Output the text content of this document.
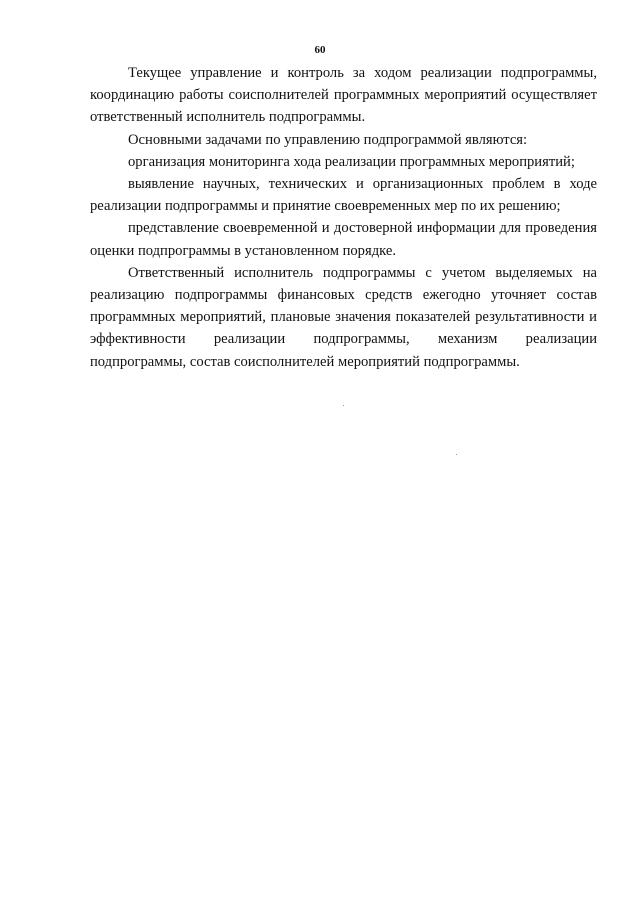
60

Текущее управление и контроль за ходом реализации подпрограммы, координацию работы соисполнителей программных мероприятий осуществляет ответственный исполнитель подпрограммы.

Основными задачами по управлению подпрограммой являются:

организация мониторинга хода реализации программных мероприятий;

выявление научных, технических и организационных проблем в ходе реализации подпрограммы и принятие своевременных мер по их решению;

представление своевременной и достоверной информации для проведения оценки подпрограммы в установленном порядке.

Ответственный исполнитель подпрограммы с учетом выделяемых на реализацию подпрограммы финансовых средств ежегодно уточняет состав программных мероприятий, плановые значения показателей результативности и эффективности реализации подпрограммы, механизм реализации подпрограммы, состав соисполнителей мероприятий подпрограммы.
